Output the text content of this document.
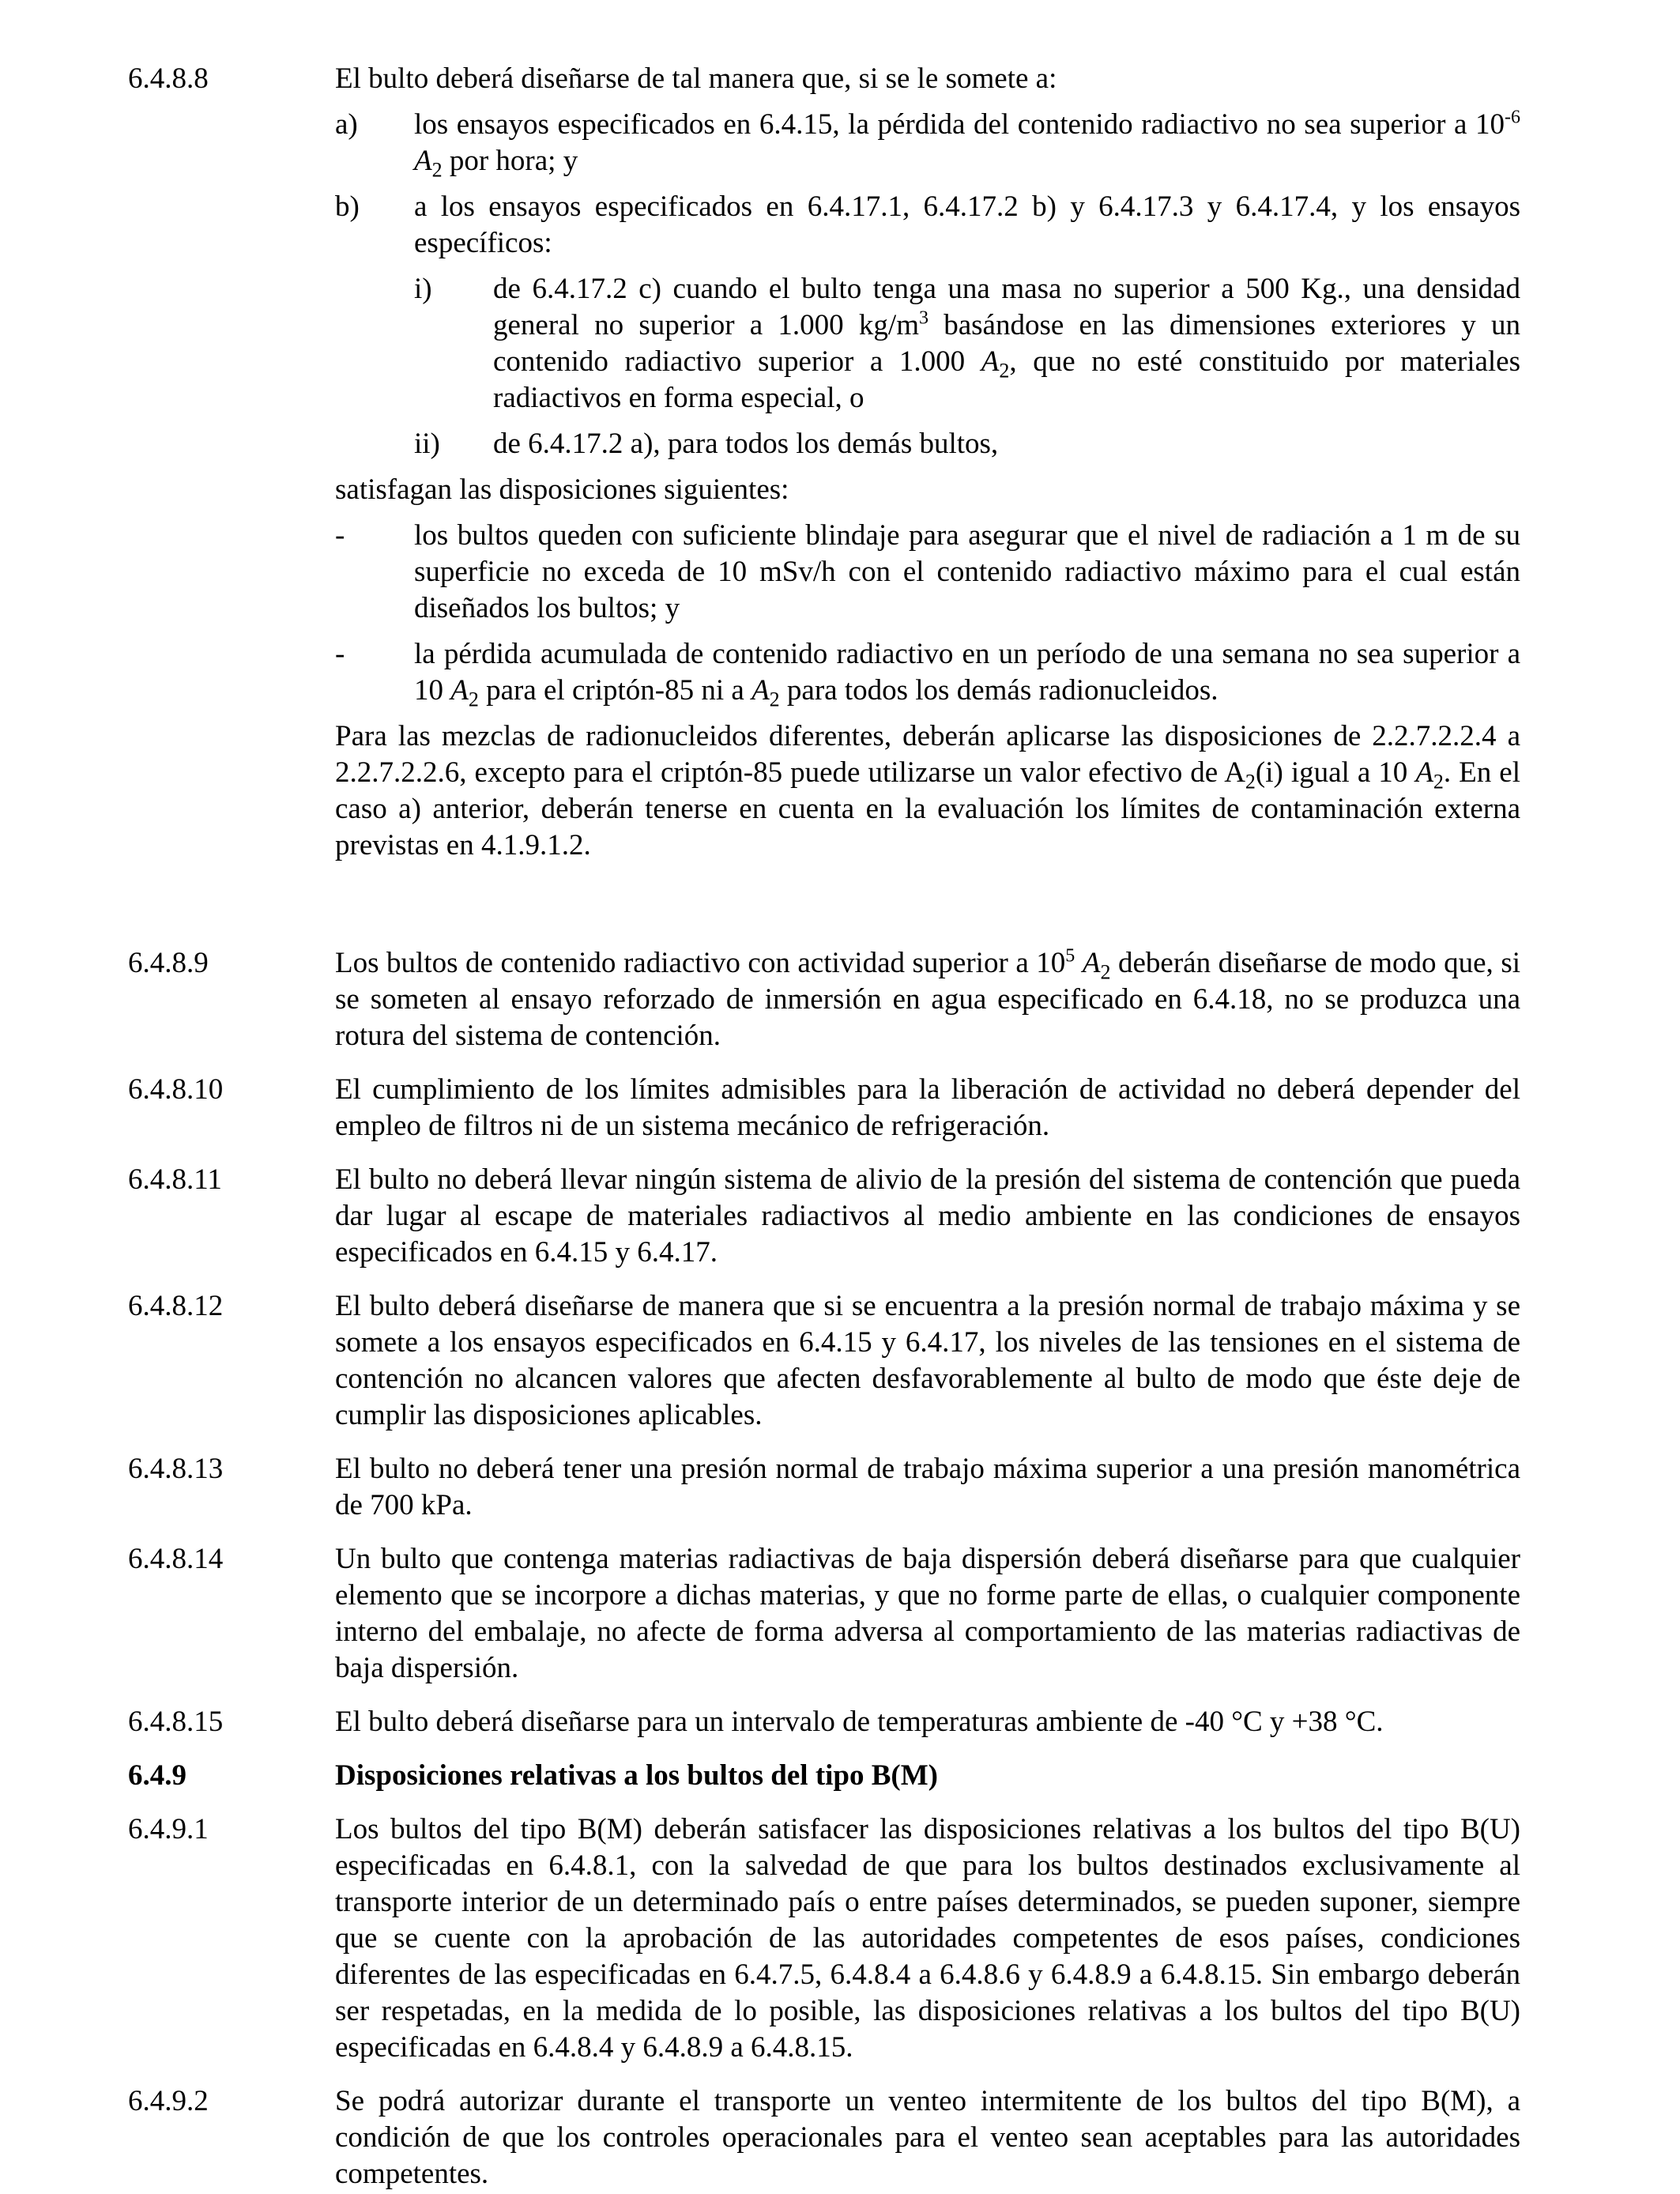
6.4.8.8	El bulto deberá diseñarse de tal manera que, si se le somete a:
a) los ensayos especificados en 6.4.15, la pérdida del contenido radiactivo no sea superior a $10^{-6}$ $A_2$ por hora; y
b) a los ensayos especificados en 6.4.17.1, 6.4.17.2 b) y 6.4.17.3 y 6.4.17.4, y los ensayos específicos:
i) de 6.4.17.2 c) cuando el bulto tenga una masa no superior a 500 Kg., una densidad general no superior a 1.000 $kg/m^3$ basándose en las dimensiones exteriores y un contenido radiactivo superior a 1.000 $A_2$, que no esté constituido por materiales radiactivos en forma especial, o
ii) de 6.4.17.2 a), para todos los demás bultos,
satisfagan las disposiciones siguientes:
- los bultos queden con suficiente blindaje para asegurar que el nivel de radiación a 1 m de su superficie no exceda de 10 mSv/h con el contenido radiactivo máximo para el cual están diseñados los bultos; y
- la pérdida acumulada de contenido radiactivo en un período de una semana no sea superior a 10 $A_2$ para el criptón-85 ni a $A_2$ para todos los demás radionucleidos.
Para las mezclas de radionucleidos diferentes, deberán aplicarse las disposiciones de 2.2.7.2.2.4 a 2.2.7.2.2.6, excepto para el criptón-85 puede utilizarse un valor efectivo de $A_2(i)$ igual a 10 $A_2$. En el caso a) anterior, deberán tenerse en cuenta en la evaluación los límites de contaminación externa previstas en 4.1.9.1.2.
6.4.8.9	Los bultos de contenido radiactivo con actividad superior a $10^5$ $A_2$ deberán diseñarse de modo que, si se someten al ensayo reforzado de inmersión en agua especificado en 6.4.18, no se produzca una rotura del sistema de contención.
6.4.8.10	El cumplimiento de los límites admisibles para la liberación de actividad no deberá depender del empleo de filtros ni de un sistema mecánico de refrigeración.
6.4.8.11	El bulto no deberá llevar ningún sistema de alivio de la presión del sistema de contención que pueda dar lugar al escape de materiales radiactivos al medio ambiente en las condiciones de ensayos especificados en 6.4.15 y 6.4.17.
6.4.8.12	El bulto deberá diseñarse de manera que si se encuentra a la presión normal de trabajo máxima y se somete a los ensayos especificados en 6.4.15 y 6.4.17, los niveles de las tensiones en el sistema de contención no alcancen valores que afecten desfavorablemente al bulto de modo que éste deje de cumplir las disposiciones aplicables.
6.4.8.13	El bulto no deberá tener una presión normal de trabajo máxima superior a una presión manométrica de 700 kPa.
6.4.8.14	Un bulto que contenga materias radiactivas de baja dispersión deberá diseñarse para que cualquier elemento que se incorpore a dichas materias, y que no forme parte de ellas, o cualquier componente interno del embalaje, no afecte de forma adversa al comportamiento de las materias radiactivas de baja dispersión.
6.4.8.15	El bulto deberá diseñarse para un intervalo de temperaturas ambiente de -40 °C y +38 °C.
6.4.9	Disposiciones relativas a los bultos del tipo B(M)
6.4.9.1	Los bultos del tipo B(M) deberán satisfacer las disposiciones relativas a los bultos del tipo B(U) especificadas en 6.4.8.1, con la salvedad de que para los bultos destinados exclusivamente al transporte interior de un determinado país o entre países determinados, se pueden suponer, siempre que se cuente con la aprobación de las autoridades competentes de esos países, condiciones diferentes de las especificadas en 6.4.7.5, 6.4.8.4 a 6.4.8.6 y 6.4.8.9 a 6.4.8.15. Sin embargo deberán ser respetadas, en la medida de lo posible, las disposiciones relativas a los bultos del tipo B(U) especificadas en 6.4.8.4 y 6.4.8.9 a 6.4.8.15.
6.4.9.2	Se podrá autorizar durante el transporte un venteo intermitente de los bultos del tipo B(M), a condición de que los controles operacionales para el venteo sean aceptables para las autoridades competentes.
